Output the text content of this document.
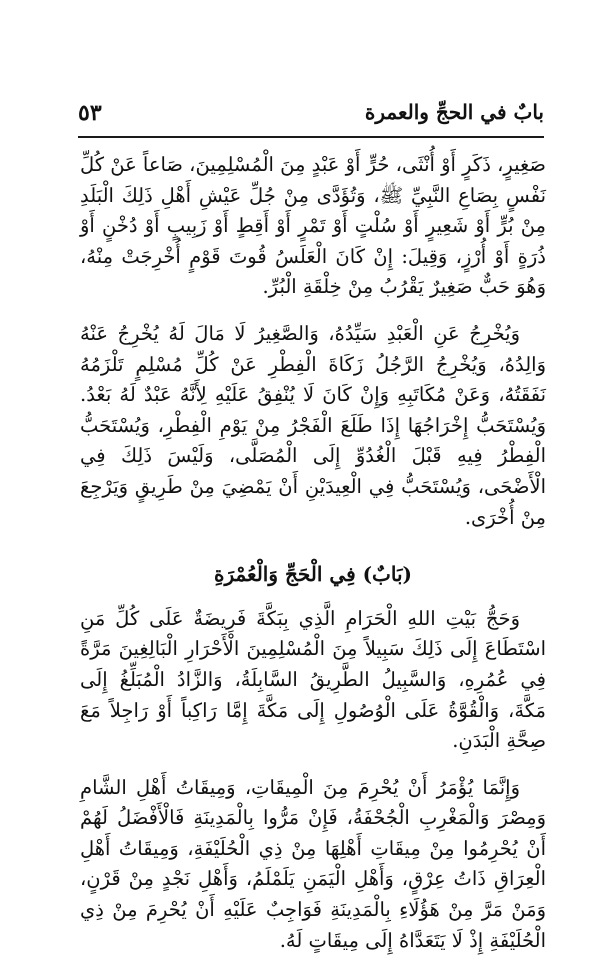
بابٌ في الحجِّ والعمرة
٥٣

صَغِيرٍ، ذَكَرٍ أَوْ أُنْثَى، حُرٍّ أَوْ عَبْدٍ مِنَ الْمُسْلِمِينَ، صَاعاً عَنْ كُلِّ نَفْسٍ بِصَاعِ النَّبِيِّ ﷺ، وَتُؤَدَّى مِنْ جُلِّ عَيْشِ أَهْلِ ذَلِكَ الْبَلَدِ مِنْ بُرٍّ أَوْ شَعِيرٍ أَوْ سُلْتٍ أَوْ تَمْرٍ أَوْ أَقِطٍ أَوْ زَبِيبٍ أَوْ دُخْنٍ أَوْ ذُرَةٍ أَوْ أُرْزٍ، وَقِيلَ: إِنْ كَانَ الْعَلَسُ قُوتَ قَوْمٍ أُخْرِجَتْ مِنْهُ، وَهُوَ حَبٌّ صَغِيرٌ يَقْرُبُ مِنْ خِلْقَةِ الْبُرِّ.

وَيُخْرِجُ عَنِ الْعَبْدِ سَيِّدُهُ، وَالصَّغِيرُ لَا مَالَ لَهُ يُخْرِجُ عَنْهُ وَالِدُهُ، وَيُخْرِجُ الرَّجُلُ زَكَاةَ الْفِطْرِ عَنْ كُلِّ مُسْلِمٍ تَلْزَمُهُ نَفَقَتُهُ، وَعَنْ مُكَاتَبِهِ وَإِنْ كَانَ لَا يُنْفِقُ عَلَيْهِ لِأَنَّهُ عَبْدٌ لَهُ بَعْدُ. وَيُسْتَحَبُّ إِخْرَاجُهَا إِذَا طَلَعَ الْفَجْرُ مِنْ يَوْمِ الْفِطْرِ، وَيُسْتَحَبُّ الْفِطْرُ فِيهِ قَبْلَ الْغُدُوِّ إِلَى الْمُصَلَّى، وَلَيْسَ ذَلِكَ فِي الْأَضْحَى، وَيُسْتَحَبُّ فِي الْعِيدَيْنِ أَنْ يَمْضِيَ مِنْ طَرِيقٍ وَيَرْجِعَ مِنْ أُخْرَى.

(بَابٌ) فِي الْحَجِّ وَالْعُمْرَةِ

وَحَجُّ بَيْتِ اللهِ الْحَرَامِ الَّذِي بِبَكَّةَ فَرِيضَةٌ عَلَى كُلِّ مَنِ اسْتَطَاعَ إِلَى ذَلِكَ سَبِيلاً مِنَ الْمُسْلِمِينَ الْأَحْرَارِ الْبَالِغِينَ مَرَّةً فِي عُمُرِهِ، وَالسَّبِيلُ الطَّرِيقُ السَّابِلَةُ، وَالزَّادُ الْمُبَلِّغُ إِلَى مَكَّةَ، وَالْقُوَّةُ عَلَى الْوُصُولِ إِلَى مَكَّةَ إِمَّا رَاكِباً أَوْ رَاجِلاً مَعَ صِحَّةِ الْبَدَنِ.

وَإِنَّمَا يُؤْمَرُ أَنْ يُحْرِمَ مِنَ الْمِيقَاتِ، وَمِيقَاتُ أَهْلِ الشَّامِ وَمِصْرَ وَالْمَغْرِبِ الْجُحْفَةُ، فَإِنْ مَرُّوا بِالْمَدِينَةِ فَالْأَفْضَلُ لَهُمْ أَنْ يُحْرِمُوا مِنْ مِيقَاتِ أَهْلِهَا مِنْ ذِي الْحُلَيْفَةِ، وَمِيقَاتُ أَهْلِ الْعِرَاقِ ذَاتُ عِرْقٍ، وَأَهْلِ الْيَمَنِ يَلَمْلَمُ، وَأَهْلِ نَجْدٍ مِنْ قَرْنٍ، وَمَنْ مَرَّ مِنْ هَؤُلَاءِ بِالْمَدِينَةِ فَوَاجِبٌ عَلَيْهِ أَنْ يُحْرِمَ مِنْ ذِي الْحُلَيْفَةِ إِذْ لَا يَتَعَدَّاهُ إِلَى مِيقَاتٍ لَهُ.
